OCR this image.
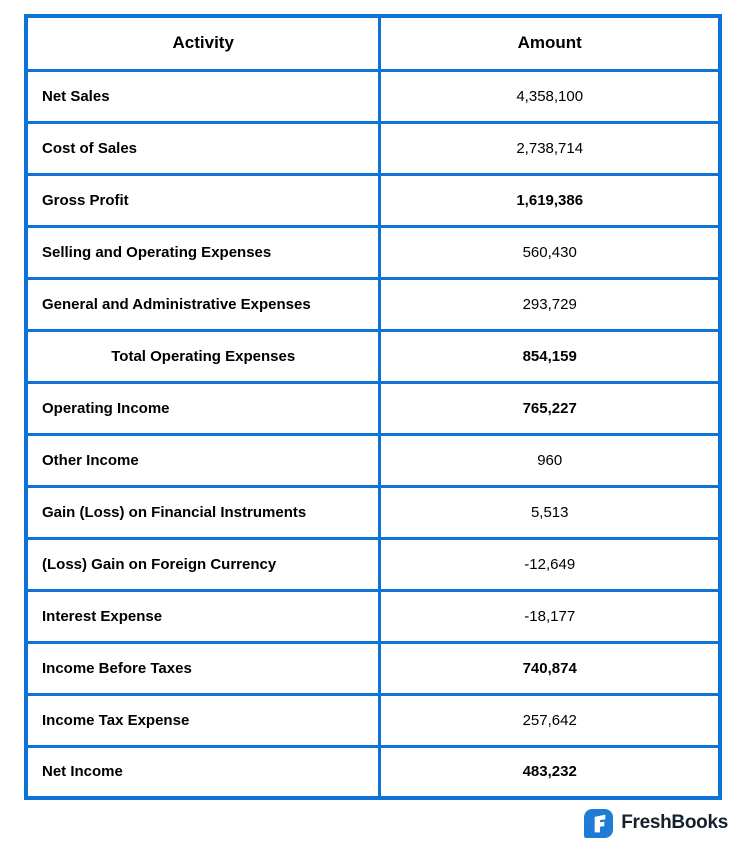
Activity	Amount
Net Sales	4,358,100
Cost of Sales	2,738,714
Gross Profit	1,619,386
Selling and Operating Expenses	560,430
General and Administrative Expenses	293,729
Total Operating Expenses	854,159
Operating Income	765,227
Other Income	960
Gain (Loss) on Financial Instruments	5,513
(Loss) Gain on Foreign Currency	-12,649
Interest Expense	-18,177
Income Before Taxes	740,874
Income Tax Expense	257,642
Net Income	483,232
FreshBooks
